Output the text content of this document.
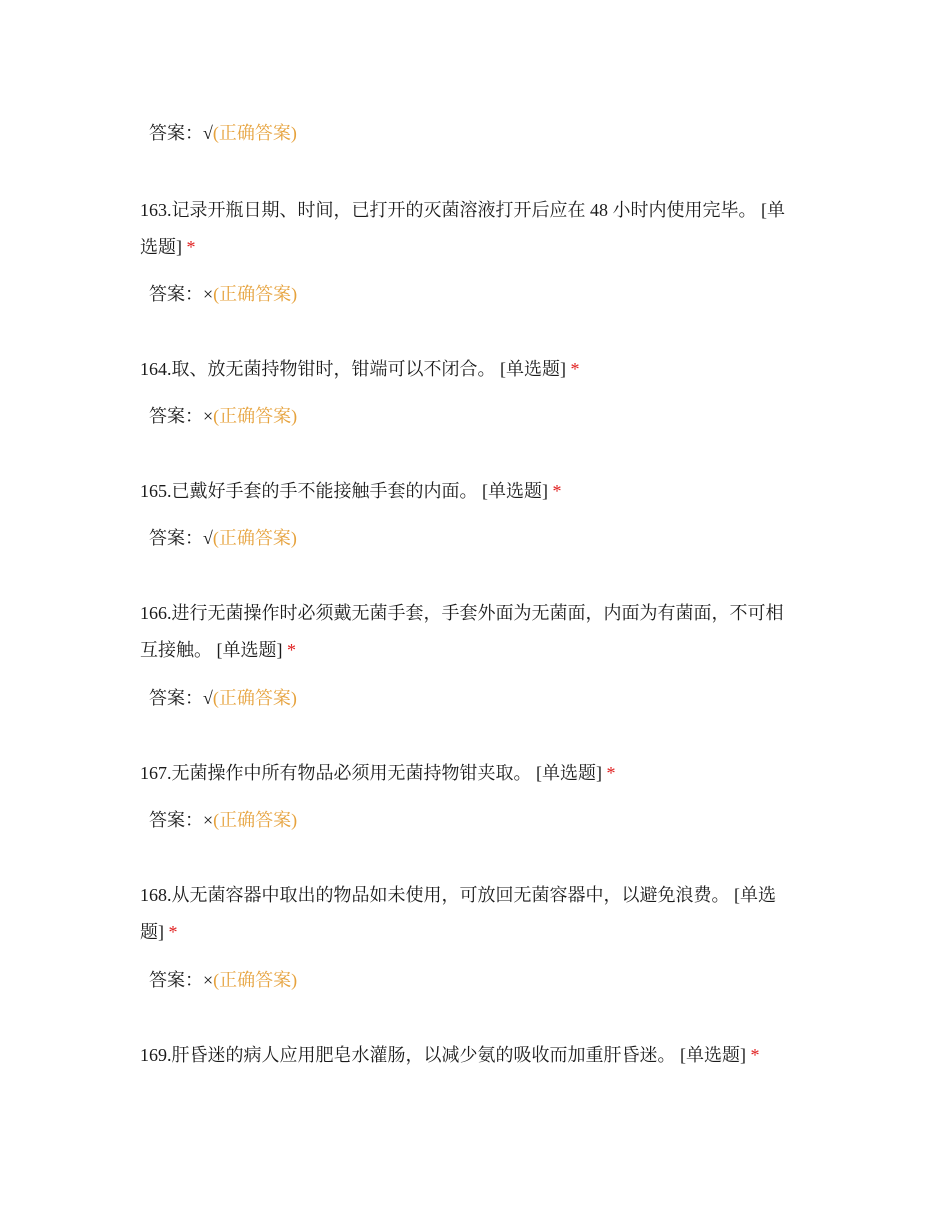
答案：√(正确答案)
163.记录开瓶日期、时间，已打开的灭菌溶液打开后应在 48 小时内使用完毕。 [单
选题] *
答案：×(正确答案)
164.取、放无菌持物钳时，钳端可以不闭合。 [单选题] *
答案：×(正确答案)
165.已戴好手套的手不能接触手套的内面。 [单选题] *
答案：√(正确答案)
166.进行无菌操作时必须戴无菌手套，手套外面为无菌面，内面为有菌面，不可相
互接触。 [单选题] *
答案：√(正确答案)
167.无菌操作中所有物品必须用无菌持物钳夹取。 [单选题] *
答案：×(正确答案)
168.从无菌容器中取出的物品如未使用，可放回无菌容器中，以避免浪费。 [单选
题] *
答案：×(正确答案)
169.肝昏迷的病人应用肥皂水灌肠，以减少氨的吸收而加重肝昏迷。 [单选题] *
